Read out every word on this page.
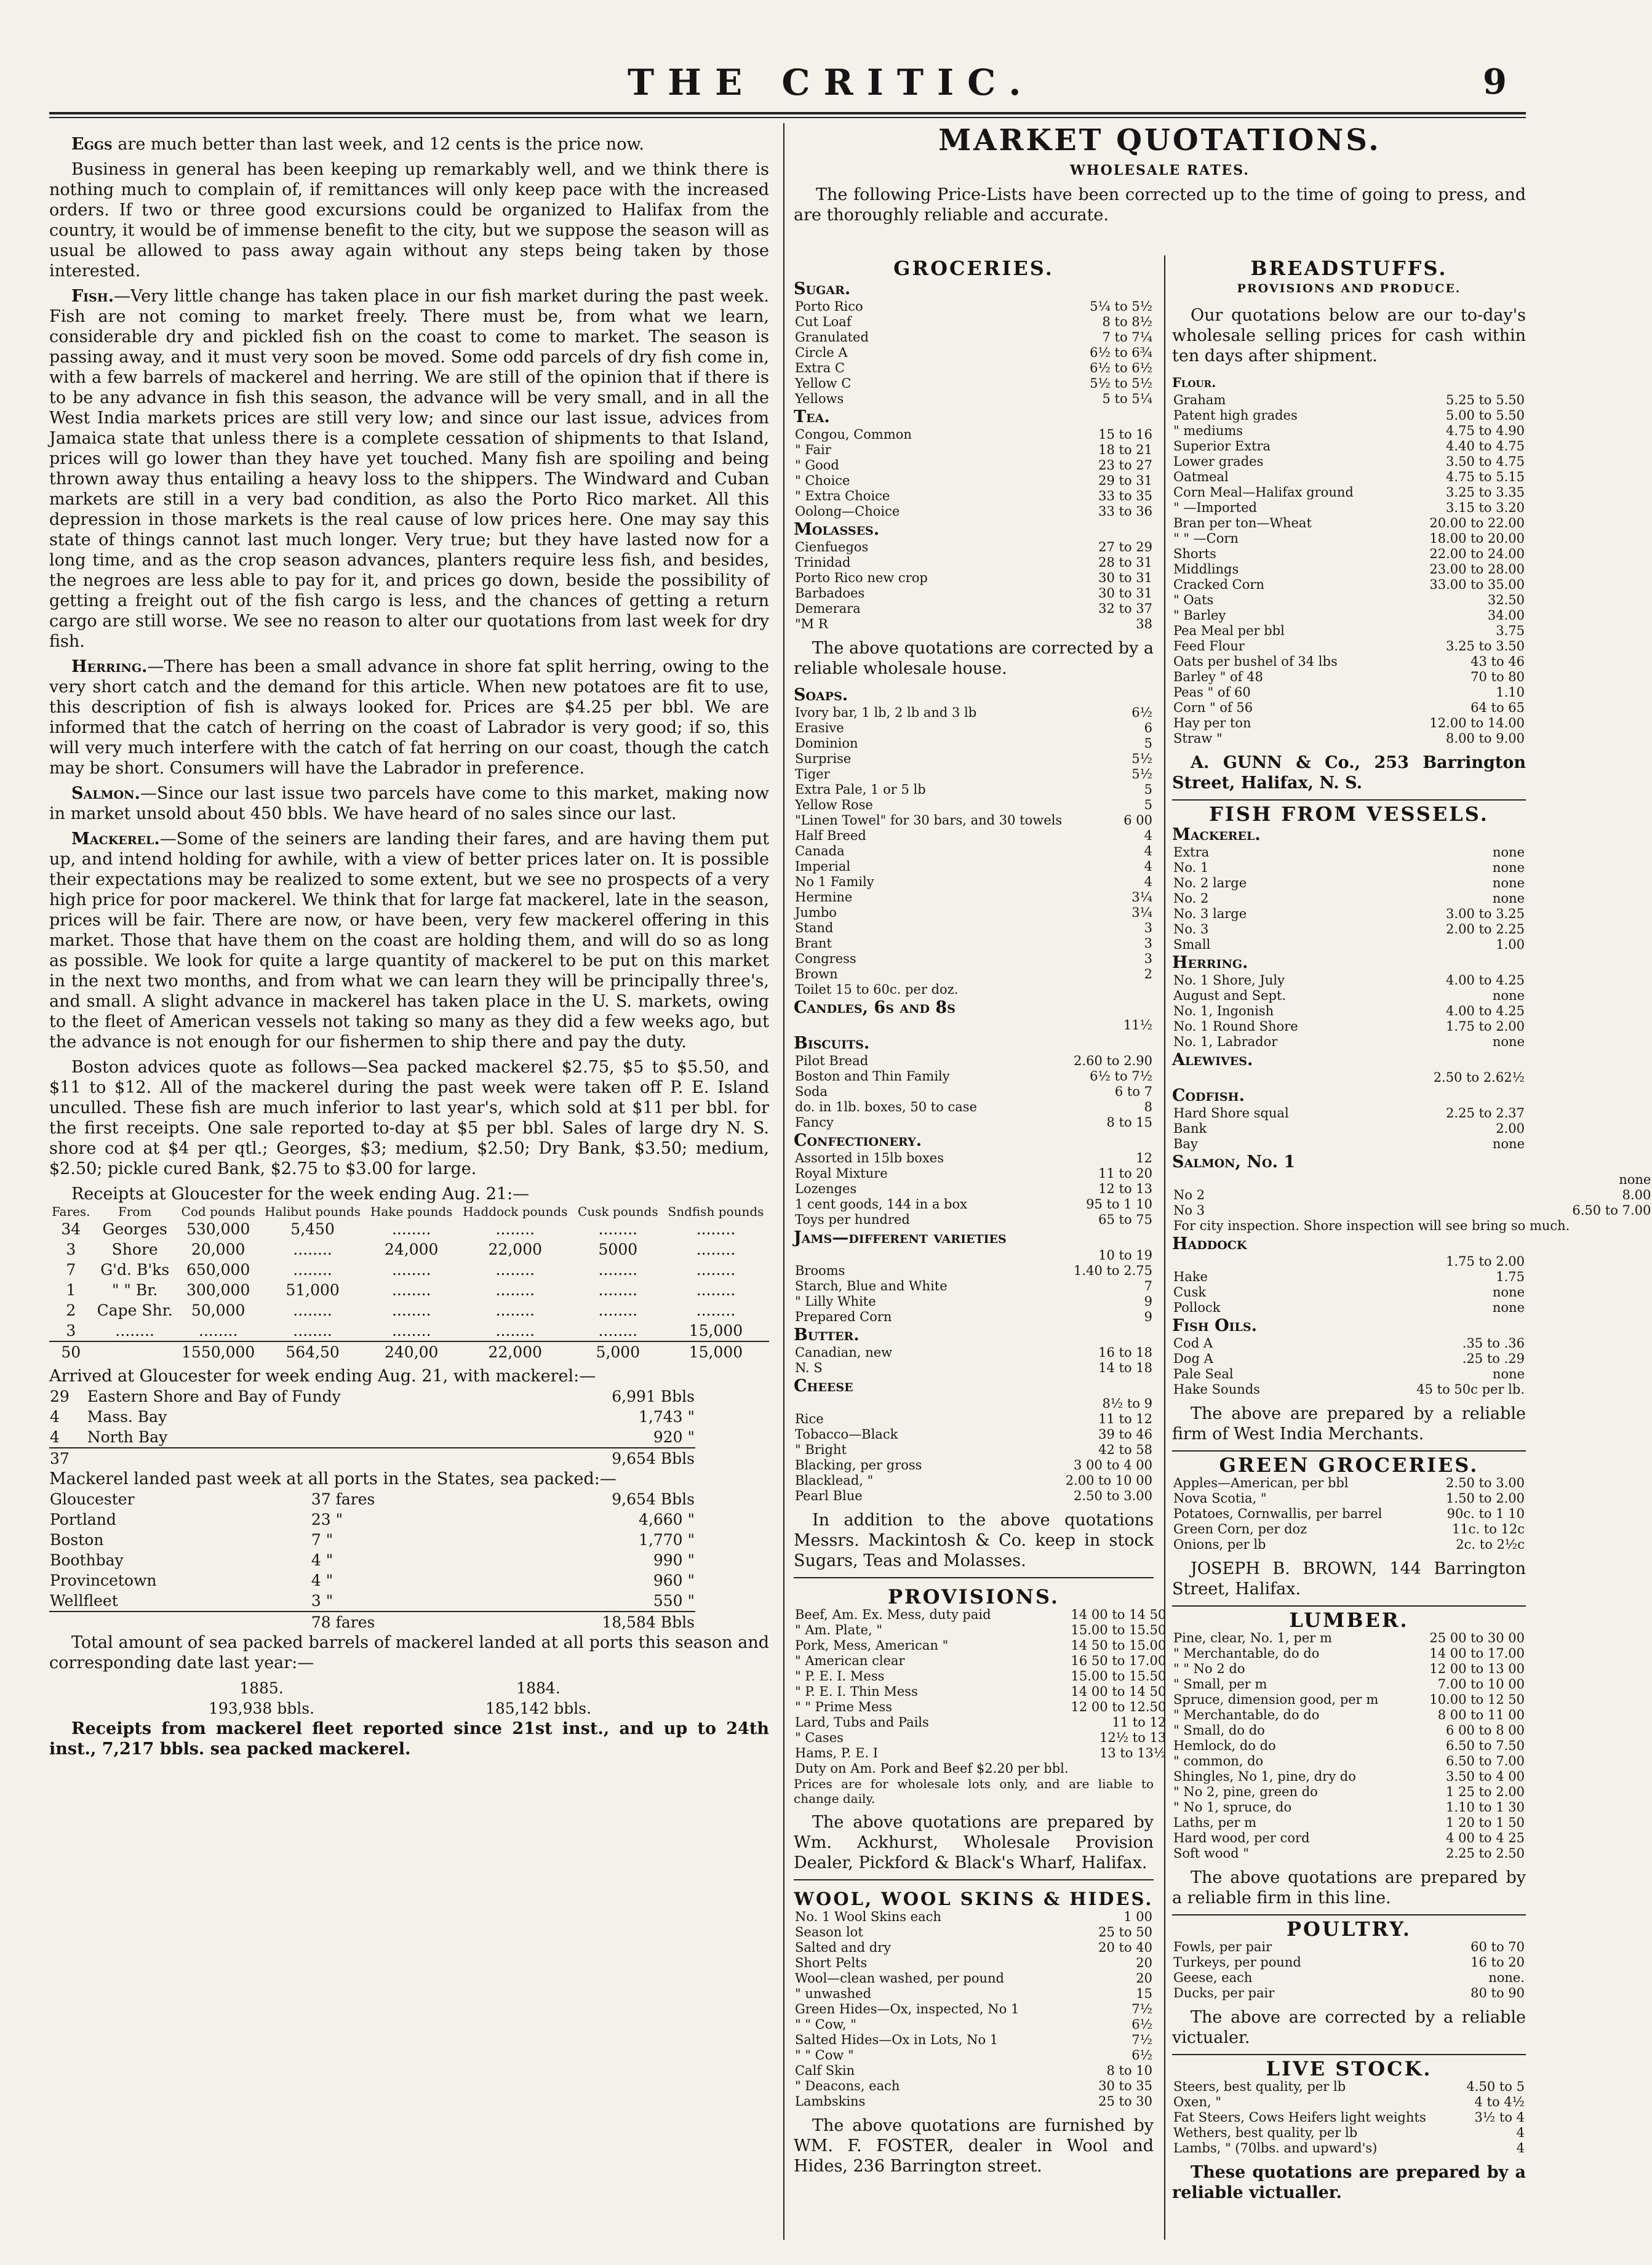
THE CRITIC.	9

Eggs are much better than last week, and 12 cents is the price now.

Business in general has been keeping up remarkably well, and we think there is nothing much to complain of, if remittances will only keep pace with the increased orders. If two or three good excursions could be organized to Halifax from the country, it would be of immense benefit to the city, but we suppose the season will as usual be allowed to pass away again without any steps being taken by those interested.

Fish.—Very little change has taken place in our fish market during the past week. Fish are not coming to market freely. There must be, from what we learn, considerable dry and pickled fish on the coast to come to market. The season is passing away, and it must very soon be moved. Some odd parcels of dry fish come in, with a few barrels of mackerel and herring. We are still of the opinion that if there is to be any advance in fish this season, the advance will be very small, and in all the West India markets prices are still very low; and since our last issue, advices from Jamaica state that unless there is a complete cessation of shipments to that Island, prices will go lower than they have yet touched. Many fish are spoiling and being thrown away thus entailing a heavy loss to the shippers. The Windward and Cuban markets are still in a very bad condition, as also the Porto Rico market. All this depression in those markets is the real cause of low prices here. One may say this state of things cannot last much longer. Very true; but they have lasted now for a long time, and as the crop season advances, planters require less fish, and besides, the negroes are less able to pay for it, and prices go down, beside the possibility of getting a freight out of the fish cargo is less, and the chances of getting a return cargo are still worse. We see no reason to alter our quotations from last week for dry fish.

Herring.—There has been a small advance in shore fat split herring, owing to the very short catch and the demand for this article. When new potatoes are fit to use, this description of fish is always looked for. Prices are $4.25 per bbl. We are informed that the catch of herring on the coast of Labrador is very good; if so, this will very much interfere with the catch of fat herring on our coast, though the catch may be short. Consumers will have the Labrador in preference.

Salmon.—Since our last issue two parcels have come to this market, making now in market unsold about 450 bbls. We have heard of no sales since our last.

Mackerel.—Some of the seiners are landing their fares, and are having them put up, and intend holding for awhile, with a view of better prices later on. It is possible their expectations may be realized to some extent, but we see no prospects of a very high price for poor mackerel. We think that for large fat mackerel, late in the season, prices will be fair. There are now, or have been, very few mackerel offering in this market. Those that have them on the coast are holding them, and will do so as long as possible. We look for quite a large quantity of mackerel to be put on this market in the next two months, and from what we can learn they will be principally three's, and small. A slight advance in mackerel has taken place in the U. S. markets, owing to the fleet of American vessels not taking so many as they did a few weeks ago, but the advance is not enough for our fishermen to ship there and pay the duty.

Boston advices quote as follows—Sea packed mackerel $2.75, $5 to $5.50, and $11 to $12. All of the mackerel during the past week were taken off P. E. Island unculled. These fish are much inferior to last year's, which sold at $11 per bbl. for the first receipts. One sale reported to-day at $5 per bbl. Sales of large dry N. S. shore cod at $4 per qtl.; Georges, $3; medium, $2.50; Dry Bank, $3.50; medium, $2.50; pickle cured Bank, $2.75 to $3.00 for large.

Receipts at Gloucester for the week ending Aug. 21:—
Fares.	From	Cod pounds	Halibut pounds	Hake pounds	Haddock pounds	Cusk pounds	Sndfish pounds
34	Georges	530,000	5,450	........	........	........	........
3	Shore	20,000	........	24,000	22,000	5000	........
7	G'd. B'ks	650,000	........	........	........	........	........
1	" " Br.	300,000	51,000	........	........	........	........
2	Cape Shr.	50,000	........	........	........	........	........
3	........	........	........	........	........	........	15,000
50		1550,000	564,50	240,00	22,000	5,000	15,000
Arrived at Gloucester for week ending Aug. 21, with mackerel:—
29	Eastern Shore and Bay of Fundy	6,991 Bbls
4	Mass. Bay	1,743 "
4	North Bay	920 "
37		9,654 Bbls
Mackerel landed past week at all ports in the States, sea packed:—
Gloucester	37 fares	9,654 Bbls
Portland	23 "	4,660 "
Boston	7 "	1,770 "
Boothbay	4 "	990 "
Provincetown	4 "	960 "
Wellfleet	3 "	550 "
	78 fares	18,584 Bbls

Total amount of sea packed barrels of mackerel landed at all ports this season and corresponding date last year:—

1885.	1884.
193,938 bbls.	185,142 bbls.

Receipts from mackerel fleet reported since 21st inst., and up to 24th inst., 7,217 bbls. sea packed mackerel.

MARKET QUOTATIONS.
WHOLESALE RATES.
The following Price-Lists have been corrected up to the time of going to press, and are thoroughly reliable and accurate.
GROCERIES.
Sugar.
Porto Rico	5¼ to 5½
Cut Loaf	8 to 8½
Granulated	7 to 7¼
Circle A	6½ to 6¾
Extra C	6½ to 6½
Yellow C	5½ to 5½
Yellows	5 to 5¼
Tea.
Congou, Common	15 to 16
" Fair	18 to 21
" Good	23 to 27
" Choice	29 to 31
" Extra Choice	33 to 35
Oolong—Choice	33 to 36
Molasses.
Cienfuegos	27 to 29
Trinidad	28 to 31
Porto Rico new crop	30 to 31
Barbadoes	30 to 31
Demerara	32 to 37
"M R	38
The above quotations are corrected by a reliable wholesale house.
Soaps.
Ivory bar, 1 lb, 2 lb and 3 lb	6½
Erasive	6
Dominion	5
Surprise	5½
Tiger	5½
Extra Pale, 1 or 5 lb	5
Yellow Rose	5
"Linen Towel" for 30 bars, and 30 towels	6 00
Half Breed	4
Canada	4
Imperial	4
No 1 Family	4
Hermine	3¼
Jumbo	3¼
Stand	3
Brant	3
Congress	3
Brown	2
Toilet 15 to 60c. per doz.	
Candles, 6s and 8s
	11½
Biscuits.
Pilot Bread	2.60 to 2.90
Boston and Thin Family	6½ to 7½
Soda	6 to 7
do. in 1lb. boxes, 50 to case	8
Fancy	8 to 15
Confectionery.
Assorted in 15lb boxes	12
Royal Mixture	11 to 20
Lozenges	12 to 13
1 cent goods, 144 in a box	95 to 1 10
Toys per hundred	65 to 75
Jams—different varieties
	10 to 19
Brooms	1.40 to 2.75
Starch, Blue and White	7
" Lilly White	9
Prepared Corn	9
Butter.
Canadian, new	16 to 18
N. S	14 to 18
Cheese
	8½ to 9
Rice	11 to 12
Tobacco—Black	39 to 46
" Bright	42 to 58
Blacking, per gross	3 00 to 4 00
Blacklead, "	2.00 to 10 00
Pearl Blue	2.50 to 3.00
In addition to the above quotations Messrs. Mackintosh & Co. keep in stock Sugars, Teas and Molasses.
PROVISIONS.
Beef, Am. Ex. Mess, duty paid	14 00 to 14 50
" Am. Plate, "	15.00 to 15.50
Pork, Mess, American "	14 50 to 15.00
" American clear	16 50 to 17.00
" P. E. I. Mess	15.00 to 15.50
" P. E. I. Thin Mess	14 00 to 14 50
" " Prime Mess	12 00 to 12.50
Lard, Tubs and Pails	11 to 12
" Cases	12½ to 13
Hams, P. E. I	13 to 13½
Duty on Am. Pork and Beef $2.20 per bbl.	
Prices are for wholesale lots only, and are liable to change daily.
The above quotations are prepared by Wm. Ackhurst, Wholesale Provision Dealer, Pickford & Black's Wharf, Halifax.
WOOL, WOOL SKINS & HIDES.
No. 1 Wool Skins each	1 00
Season lot	25 to 50
Salted and dry	20 to 40
Short Pelts	20
Wool—clean washed, per pound	20
" unwashed	15
Green Hides—Ox, inspected, No 1	7½
" " Cow, "	6½
Salted Hides—Ox in Lots, No 1	7½
" " Cow "	6½
Calf Skin	8 to 10
" Deacons, each	30 to 35
Lambskins	25 to 30
The above quotations are furnished by WM. F. FOSTER, dealer in Wool and Hides, 236 Barrington street.
BREADSTUFFS.
PROVISIONS AND PRODUCE.
Our quotations below are our to-day's wholesale selling prices for cash within ten days after shipment.
Flour.
Graham	5.25 to 5.50
Patent high grades	5.00 to 5.50
" mediums	4.75 to 4.90
Superior Extra	4.40 to 4.75
Lower grades	3.50 to 4.75
Oatmeal	4.75 to 5.15
Corn Meal—Halifax ground	3.25 to 3.35
" —Imported	3.15 to 3.20
Bran per ton—Wheat	20.00 to 22.00
" " —Corn	18.00 to 20.00
Shorts	22.00 to 24.00
Middlings	23.00 to 28.00
Cracked Corn	33.00 to 35.00
" Oats	32.50
" Barley	34.00
Pea Meal per bbl	3.75
Feed Flour	3.25 to 3.50
Oats per bushel of 34 lbs	43 to 46
Barley " of 48	70 to 80
Peas " of 60	1.10
Corn " of 56	64 to 65
Hay per ton	12.00 to 14.00
Straw "	8.00 to 9.00
A. GUNN & Co., 253 Barrington Street, Halifax, N. S.
FISH FROM VESSELS.
Mackerel.
Extra	none
No. 1	none
No. 2 large	none
No. 2	none
No. 3 large	3.00 to 3.25
No. 3	2.00 to 2.25
Small	1.00
Herring.
No. 1 Shore, July	4.00 to 4.25
August and Sept.	none
No. 1, Ingonish	4.00 to 4.25
No. 1 Round Shore	1.75 to 2.00
No. 1, Labrador	none
Alewives.
	2.50 to 2.62½
Codfish.
Hard Shore squal	2.25 to 2.37
Bank	2.00
Bay	none
Salmon, No. 1
	none
No 2	8.00
No 3	6.50 to 7.00
For city inspection. Shore inspection will see bring so much.	
Haddock
	1.75 to 2.00
Hake	1.75
Cusk	none
Pollock	none
Fish Oils.
Cod A	.35 to .36
Dog A	.25 to .29
Pale Seal	none
Hake Sounds	45 to 50c per lb.
The above are prepared by a reliable firm of West India Merchants.
GREEN GROCERIES.
Apples—American, per bbl	2.50 to 3.00
Nova Scotia, "	1.50 to 2.00
Potatoes, Cornwallis, per barrel	90c. to 1 10
Green Corn, per doz	11c. to 12c
Onions, per lb	2c. to 2½c
JOSEPH B. BROWN, 144 Barrington Street, Halifax.
LUMBER.
Pine, clear, No. 1, per m	25 00 to 30 00
" Merchantable, do do	14 00 to 17.00
" " No 2 do	12 00 to 13 00
" Small, per m	7.00 to 10 00
Spruce, dimension good, per m	10.00 to 12 50
" Merchantable, do do	8 00 to 11 00
" Small, do do	6 00 to 8 00
Hemlock, do do	6.50 to 7.50
" common, do	6.50 to 7.00
Shingles, No 1, pine, dry do	3.50 to 4 00
" No 2, pine, green do	1 25 to 2.00
" No 1, spruce, do	1.10 to 1 30
Laths, per m	1 20 to 1 50
Hard wood, per cord	4 00 to 4 25
Soft wood "	2.25 to 2.50
The above quotations are prepared by a reliable firm in this line.
POULTRY.
Fowls, per pair	60 to 70
Turkeys, per pound	16 to 20
Geese, each	none.
Ducks, per pair	80 to 90
The above are corrected by a reliable victualer.
LIVE STOCK.
Steers, best quality, per lb	4.50 to 5
Oxen, "	4 to 4½
Fat Steers, Cows Heifers light weights	3½ to 4
Wethers, best quality, per lb	4
Lambs, " (70lbs. and upward's)	4
These quotations are prepared by a reliable victualler.
